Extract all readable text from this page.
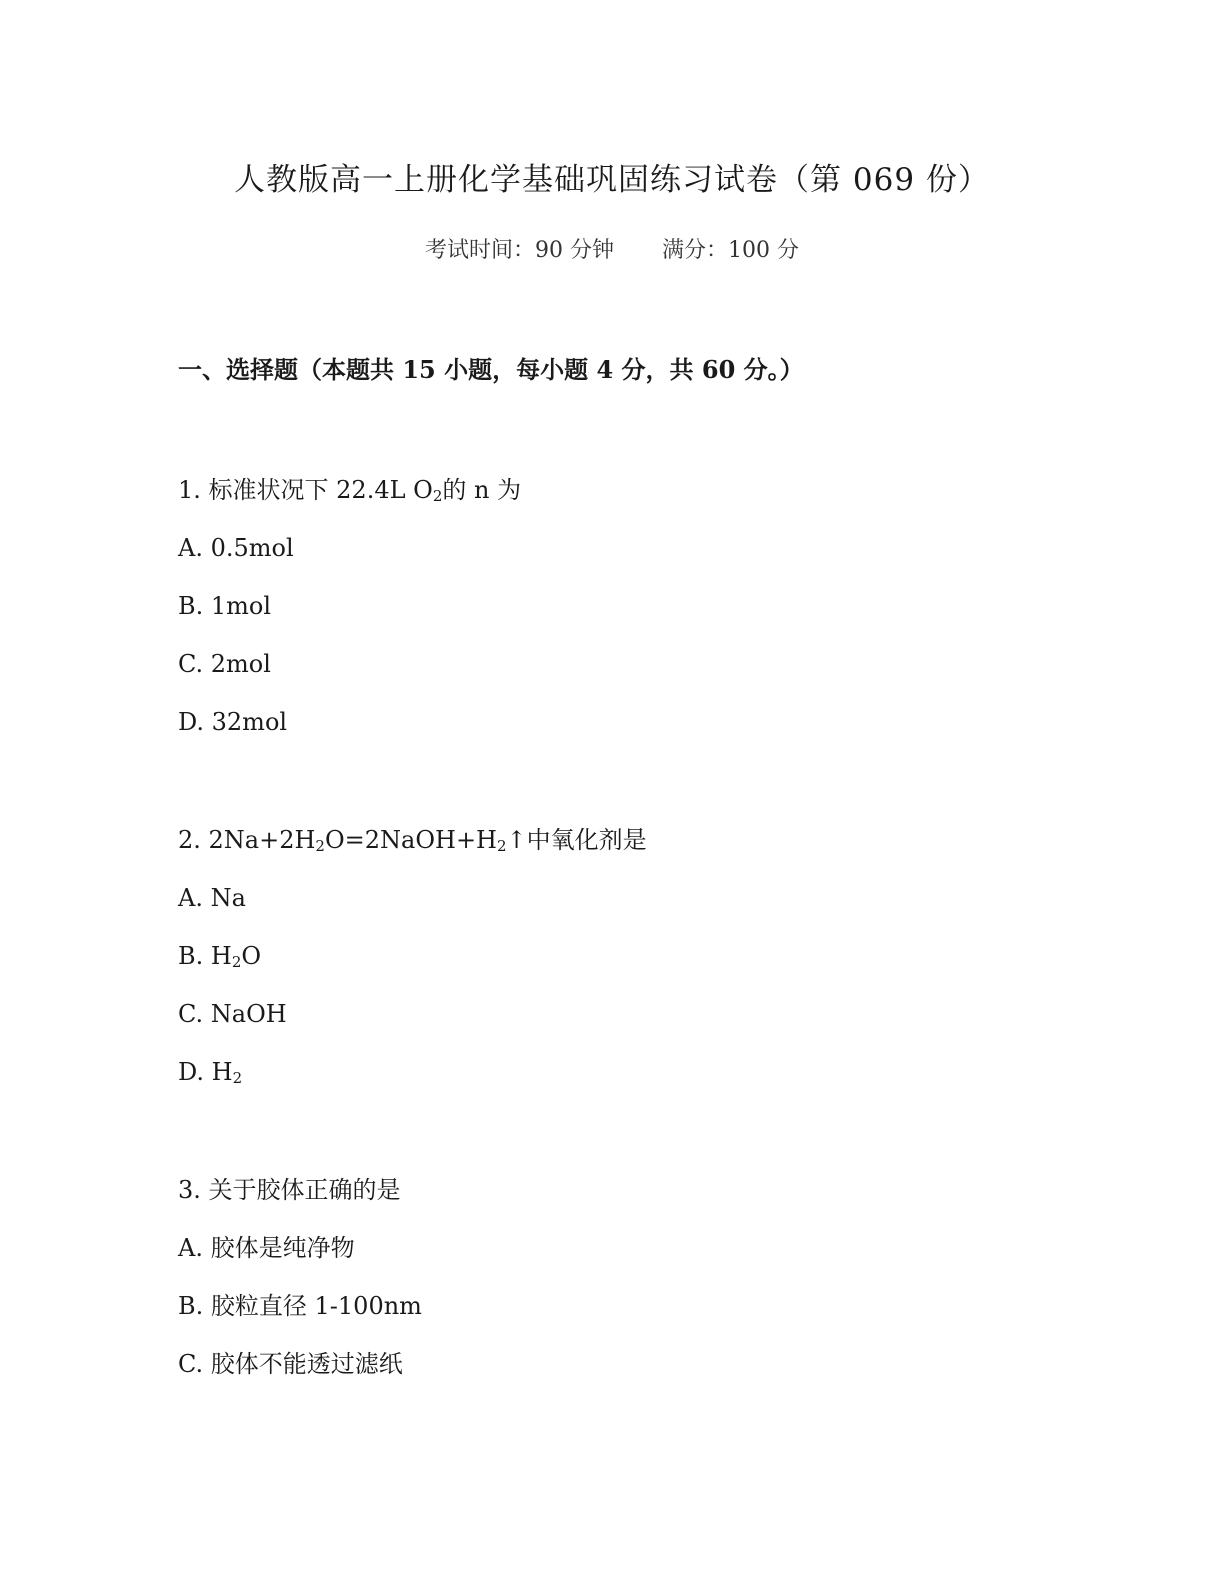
人教版高一上册化学基础巩固练习试卷（第 069 份）
考试时间：90 分钟 满分：100 分
一、选择题（本题共 15 小题，每小题 4 分，共 60 分。）
1. 标准状况下 22.4L $O_2$的 n 为
A. 0.5mol
B. 1mol
C. 2mol
D. 32mol
2. $2Na+2H_2O=2NaOH+H_2↑$中氧化剂是
A. Na
B. $H_2O$
C. NaOH
D. $H_2$
3. 关于胶体正确的是
A. 胶体是纯净物
B. 胶粒直径 1-100nm
C. 胶体不能透过滤纸
